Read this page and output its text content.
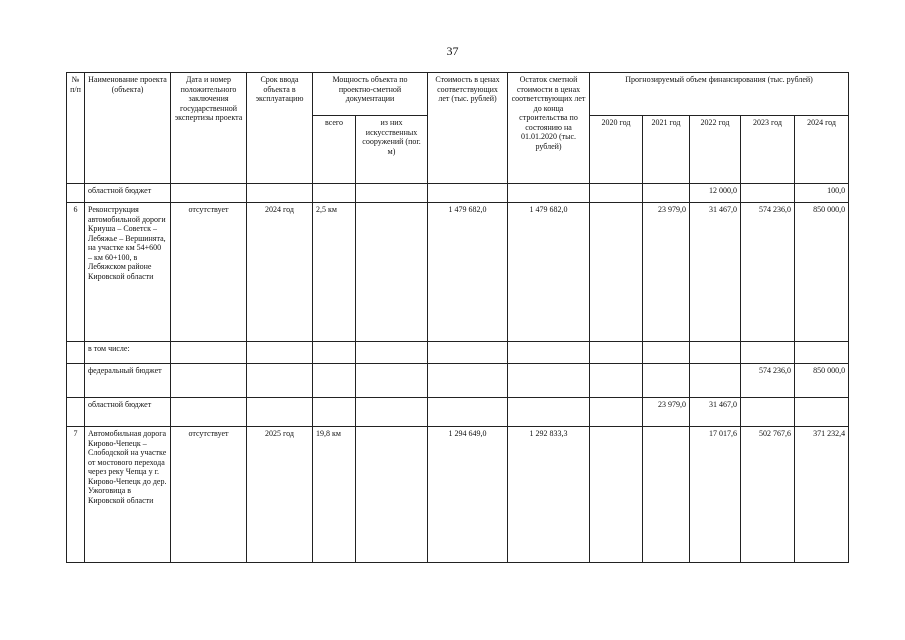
37
№ п/п	Наименование проекта (объекта)	Дата и номер положительного заключения государственной экспертизы проекта	Срок ввода объекта в эксплуатацию	Мощность объекта по проектно-сметной документации		Стоимость в ценах соответствующих лет (тыс. рублей)	Остаток сметной стоимости в ценах соответствующих лет до конца строительства по состоянию на 01.01.2020 (тыс. рублей)	Прогнозируемый объем финансирования (тыс. рублей)				
				всего	из них искусственных сооружений (пог. м)			2020 год	2021 год	2022 год	2023 год	2024 год
	областной бюджет									12 000,0		100,0
6	Реконструкция автомобильной дороги Криуша – Советск – Лебяжье – Вершинята, на участке км 54+600 – км 60+100, в Лебяжском районе Кировской области	отсутствует	2024 год	2,5 км		1 479 682,0	1 479 682,0		23 979,0	31 467,0	574 236,0	850 000,0
	в том числе:											
	федеральный бюджет										574 236,0	850 000,0
	областной бюджет								23 979,0	31 467,0		
7	Автомобильная дорога Кирово-Чепецк – Слободской на участке от мостового перехода через реку Чепца у г. Кирово-Чепецк до дер. Ужоговица в Кировской области	отсутствует	2025 год	19,8 км		1 294 649,0	1 292 833,3			17 017,6	502 767,6	371 232,4
